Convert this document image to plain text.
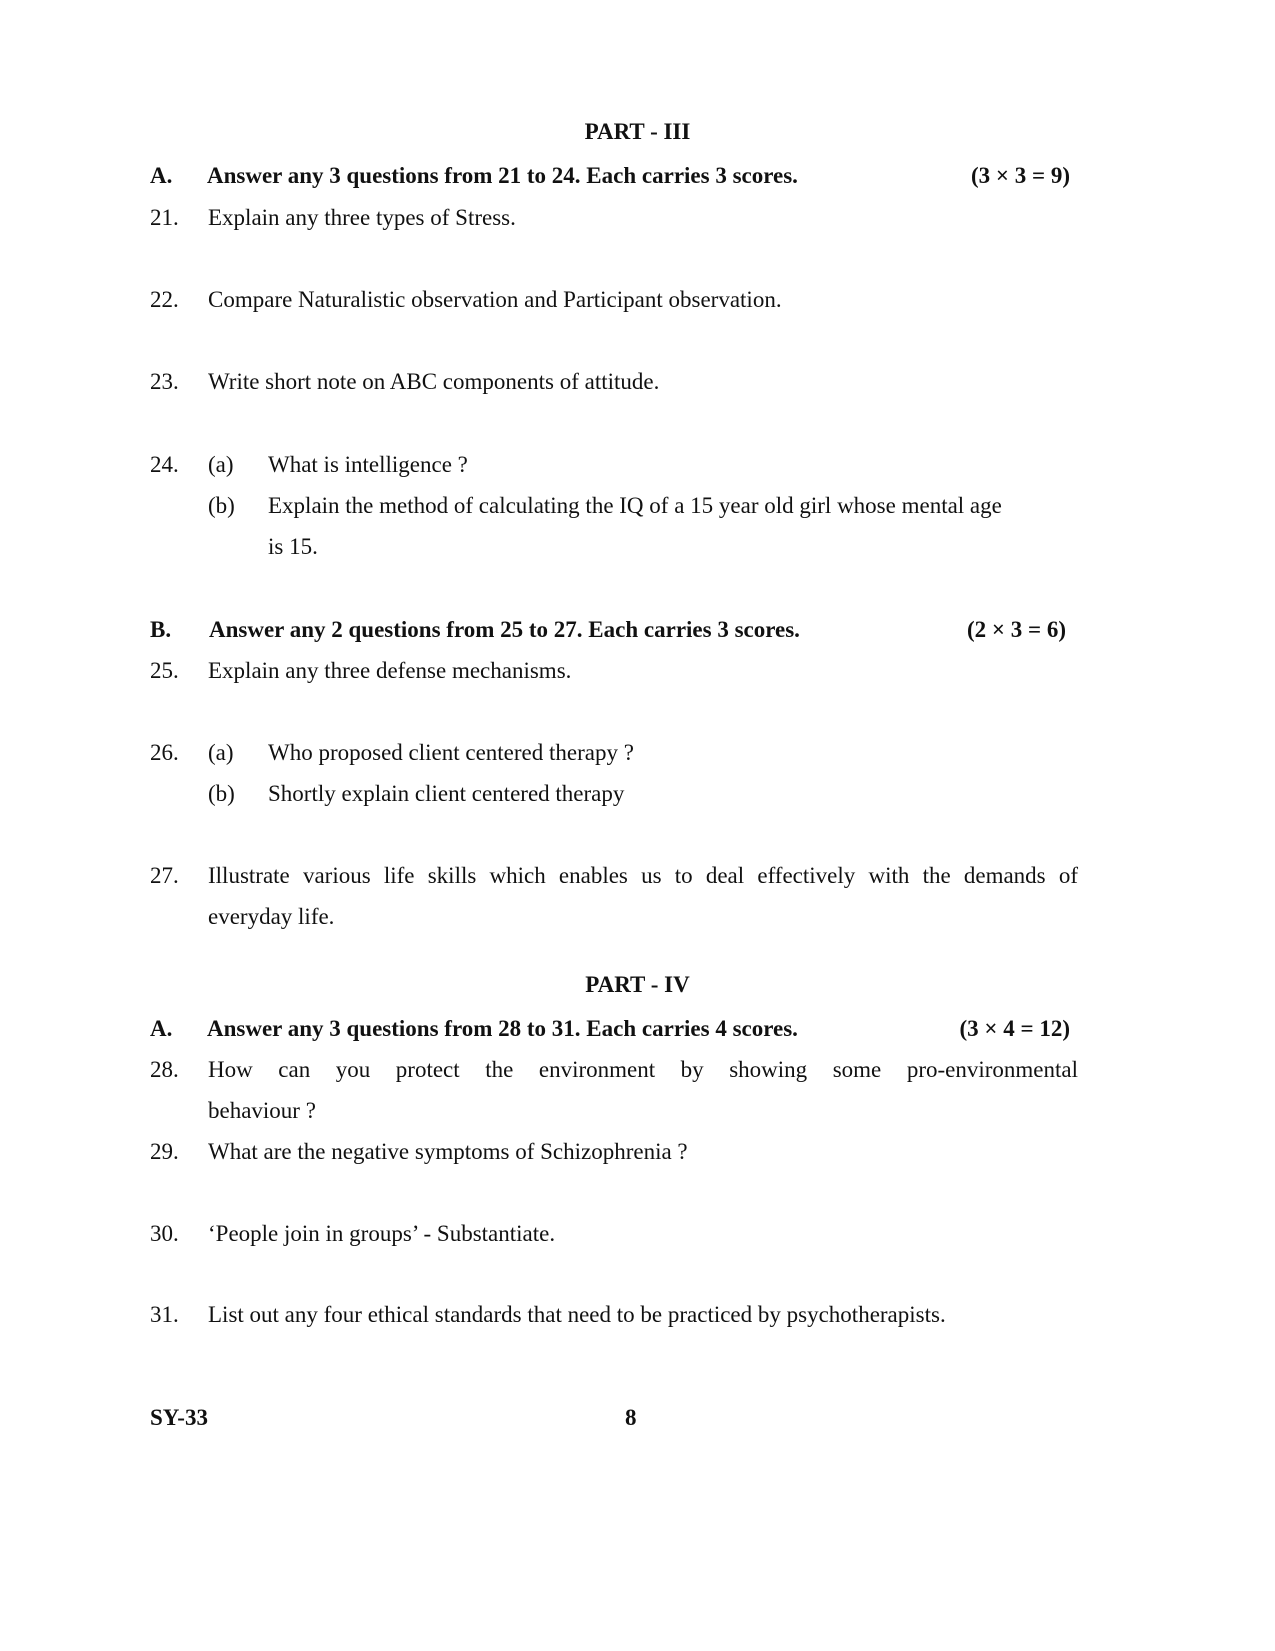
PART - III
A. Answer any 3 questions from 21 to 24. Each carries 3 scores.	(3 × 3 = 9)
21. Explain any three types of Stress.
22. Compare Naturalistic observation and Participant observation.
23. Write short note on ABC components of attitude.
24. (a) What is intelligence ?
(b) Explain the method of calculating the IQ of a 15 year old girl whose mental age
is 15.
B. Answer any 2 questions from 25 to 27. Each carries 3 scores.	(2 × 3 = 6)
25. Explain any three defense mechanisms.
26. (a) Who proposed client centered therapy ?
(b) Shortly explain client centered therapy
27. Illustrate various life skills which enables us to deal effectively with the demands of
everyday life.
PART - IV
A. Answer any 3 questions from 28 to 31. Each carries 4 scores.	(3 × 4 = 12)
28. How can you protect the environment by showing some pro-environmental
behaviour ?
29. What are the negative symptoms of Schizophrenia ?
30. ‘People join in groups’ - Substantiate.
31. List out any four ethical standards that need to be practiced by psychotherapists.
SY-33	8
